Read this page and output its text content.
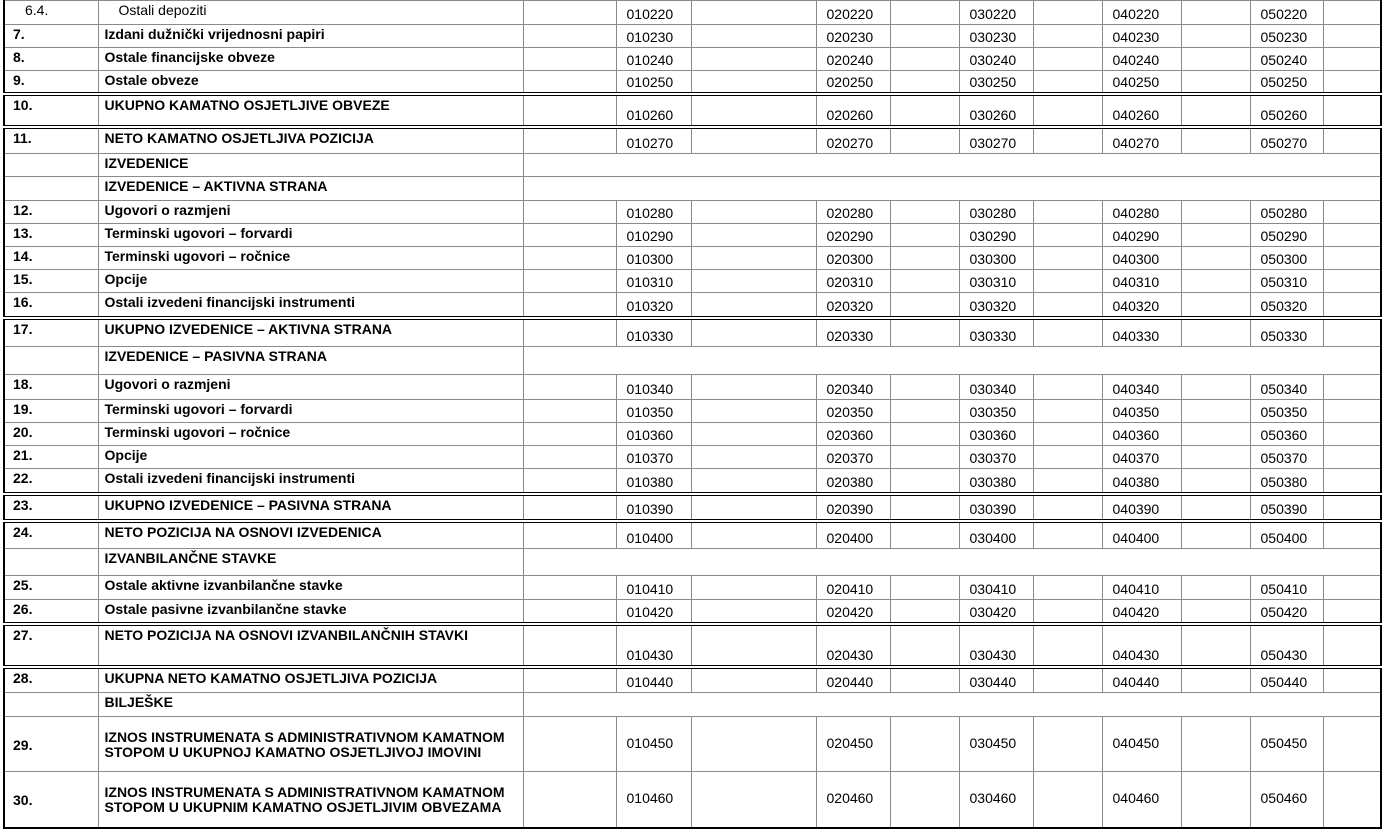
6.4.	Ostali depoziti		010220		020220		030220		040220		050220	
7.	Izdani dužnički vrijednosni papiri		010230		020230		030230		040230		050230	
8.	Ostale financijske obveze		010240		020240		030240		040240		050240	
9.	Ostale obveze		010250		020250		030250		040250		050250	
10.	UKUPNO KAMATNO OSJETLJIVE OBVEZE		010260		020260		030260		040260		050260	
11.	NETO KAMATNO OSJETLJIVA POZICIJA		010270		020270		030270		040270		050270	
	IZVEDENICE											
	IZVEDENICE – AKTIVNA STRANA											
12.	Ugovori o razmjeni		010280		020280		030280		040280		050280	
13.	Terminski ugovori – forvardi		010290		020290		030290		040290		050290	
14.	Terminski ugovori – ročnice		010300		020300		030300		040300		050300	
15.	Opcije		010310		020310		030310		040310		050310	
16.	Ostali izvedeni financijski instrumenti		010320		020320		030320		040320		050320	
17.	UKUPNO IZVEDENICE – AKTIVNA STRANA		010330		020330		030330		040330		050330	
	IZVEDENICE – PASIVNA STRANA											
18.	Ugovori o razmjeni		010340		020340		030340		040340		050340	
19.	Terminski ugovori – forvardi		010350		020350		030350		040350		050350	
20.	Terminski ugovori – ročnice		010360		020360		030360		040360		050360	
21.	Opcije		010370		020370		030370		040370		050370	
22.	Ostali izvedeni financijski instrumenti		010380		020380		030380		040380		050380	
23.	UKUPNO IZVEDENICE – PASIVNA STRANA		010390		020390		030390		040390		050390	
24.	NETO POZICIJA NA OSNOVI IZVEDENICA		010400		020400		030400		040400		050400	
	IZVANBILANČNE STAVKE											
25.	Ostale aktivne izvanbilančne stavke		010410		020410		030410		040410		050410	
26.	Ostale pasivne izvanbilančne stavke		010420		020420		030420		040420		050420	
27.	NETO POZICIJA NA OSNOVI IZVANBILANČNIH STAVKI		010430		020430		030430		040430		050430	
28.	UKUPNA NETO KAMATNO OSJETLJIVA POZICIJA		010440		020440		030440		040440		050440	
	BILJEŠKE											
29.	IZNOS INSTRUMENATA S ADMINISTRATIVNOM KAMATNOM STOPOM U UKUPNOJ KAMATNO OSJETLJIVOJ IMOVINI		010450		020450		030450		040450		050450	
30.	IZNOS INSTRUMENATA S ADMINISTRATIVNOM KAMATNOM STOPOM U UKUPNIM KAMATNO OSJETLJIVIM OBVEZAMA		010460		020460		030460		040460		050460	
